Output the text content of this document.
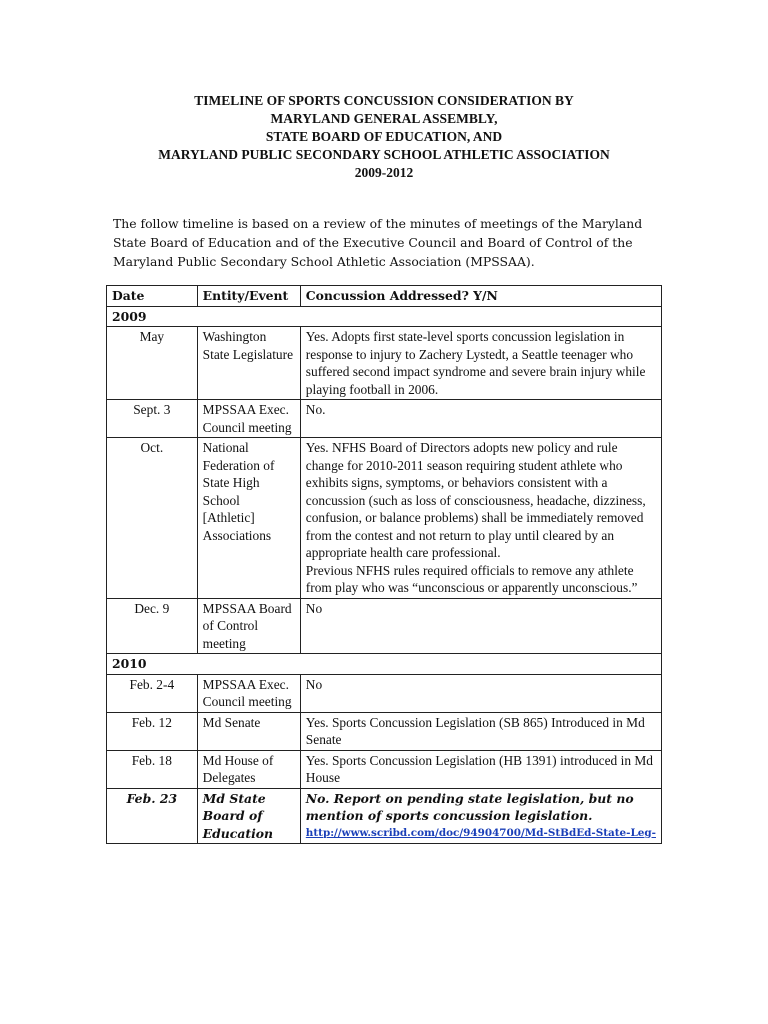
TIMELINE OF SPORTS CONCUSSION CONSIDERATION BY
MARYLAND GENERAL ASSEMBLY,
STATE BOARD OF EDUCATION, AND
MARYLAND PUBLIC SECONDARY SCHOOL ATHLETIC ASSOCIATION
2009-2012
The follow timeline is based on a review of the minutes of meetings of the Maryland State Board of Education and of the Executive Council and Board of Control of the Maryland Public Secondary School Athletic Association (MPSSAA).
Date	Entity/Event	Concussion Addressed? Y/N
2009		
May	Washington State Legislature	Yes. Adopts first state-level sports concussion legislation in response to injury to Zachery Lystedt, a Seattle teenager who suffered second impact syndrome and severe brain injury while playing football in 2006.
Sept. 3	MPSSAA Exec. Council meeting	No.
Oct.	National Federation of State High School [Athletic] Associations	Yes. NFHS Board of Directors adopts new policy and rule change for 2010-2011 season requiring student athlete who exhibits signs, symptoms, or behaviors consistent with a concussion (such as loss of consciousness, headache, dizziness, confusion, or balance problems) shall be immediately removed from the contest and not return to play until cleared by an appropriate health care professional.
Previous NFHS rules required officials to remove any athlete from play who was “unconscious or apparently unconscious.”

Dec. 9	MPSSAA Board of Control meeting	No
2010		
Feb. 2-4	MPSSAA Exec. Council meeting	No
Feb. 12	Md Senate	Yes. Sports Concussion Legislation (SB 865) Introduced in Md Senate
Feb. 18	Md House of Delegates	Yes. Sports Concussion Legislation (HB 1391) introduced in Md House
Feb. 23	Md State Board of Education	No. Report on pending state legislation, but no mention of sports concussion legislation.
http://www.scribd.com/doc/94904700/Md-StBdEd-State-Leg-
